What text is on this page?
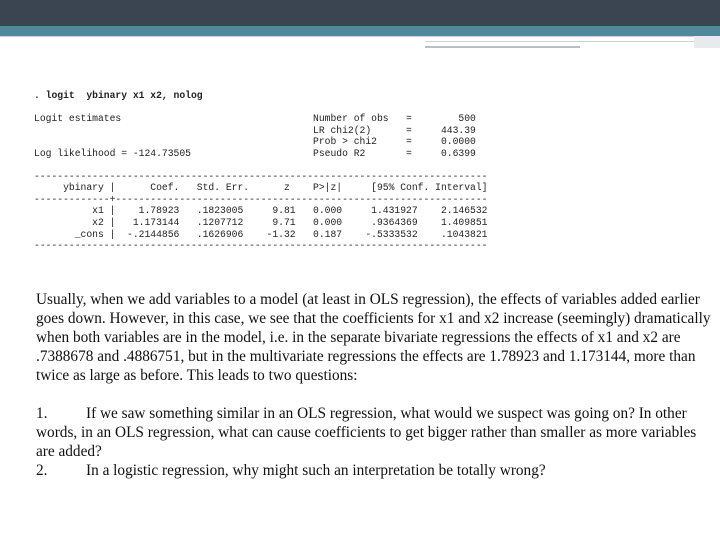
. logit  ybinary x1 x2, nolog

Logit estimates                                 Number of obs   =        500
LR chi2(2)      =     443.39
Prob > chi2     =     0.0000
Log likelihood = -124.73505                     Pseudo R2       =     0.6399

------------------------------------------------------------------------------
ybinary |      Coef.   Std. Err.      z    P>|z|     [95% Conf. Interval]
-------------+----------------------------------------------------------------
x1 |    1.78923   .1823005     9.81   0.000     1.431927    2.146532
x2 |   1.173144   .1207712     9.71   0.000     .9364369    1.409851
_cons |  -.2144856   .1626906    -1.32   0.187    -.5333532    .1043821
------------------------------------------------------------------------------

Usually, when we add variables to a model (at least in OLS regression), the effects of variables added earlier goes down. However, in this case, we see that the coefficients for x1 and x2 increase (seemingly) dramatically when both variables are in the model, i.e. in the separate bivariate regressions the effects of x1 and x2 are .7388678 and .4886751, but in the multivariate regressions the effects are 1.78923 and 1.173144, more than twice as large as before. This leads to two questions:

1.	If we saw something similar in an OLS regression, what would we suspect was going on? In other words, in an OLS regression, what can cause coefficients to get bigger rather than smaller as more variables are added?
2.	In a logistic regression, why might such an interpretation be totally wrong?
